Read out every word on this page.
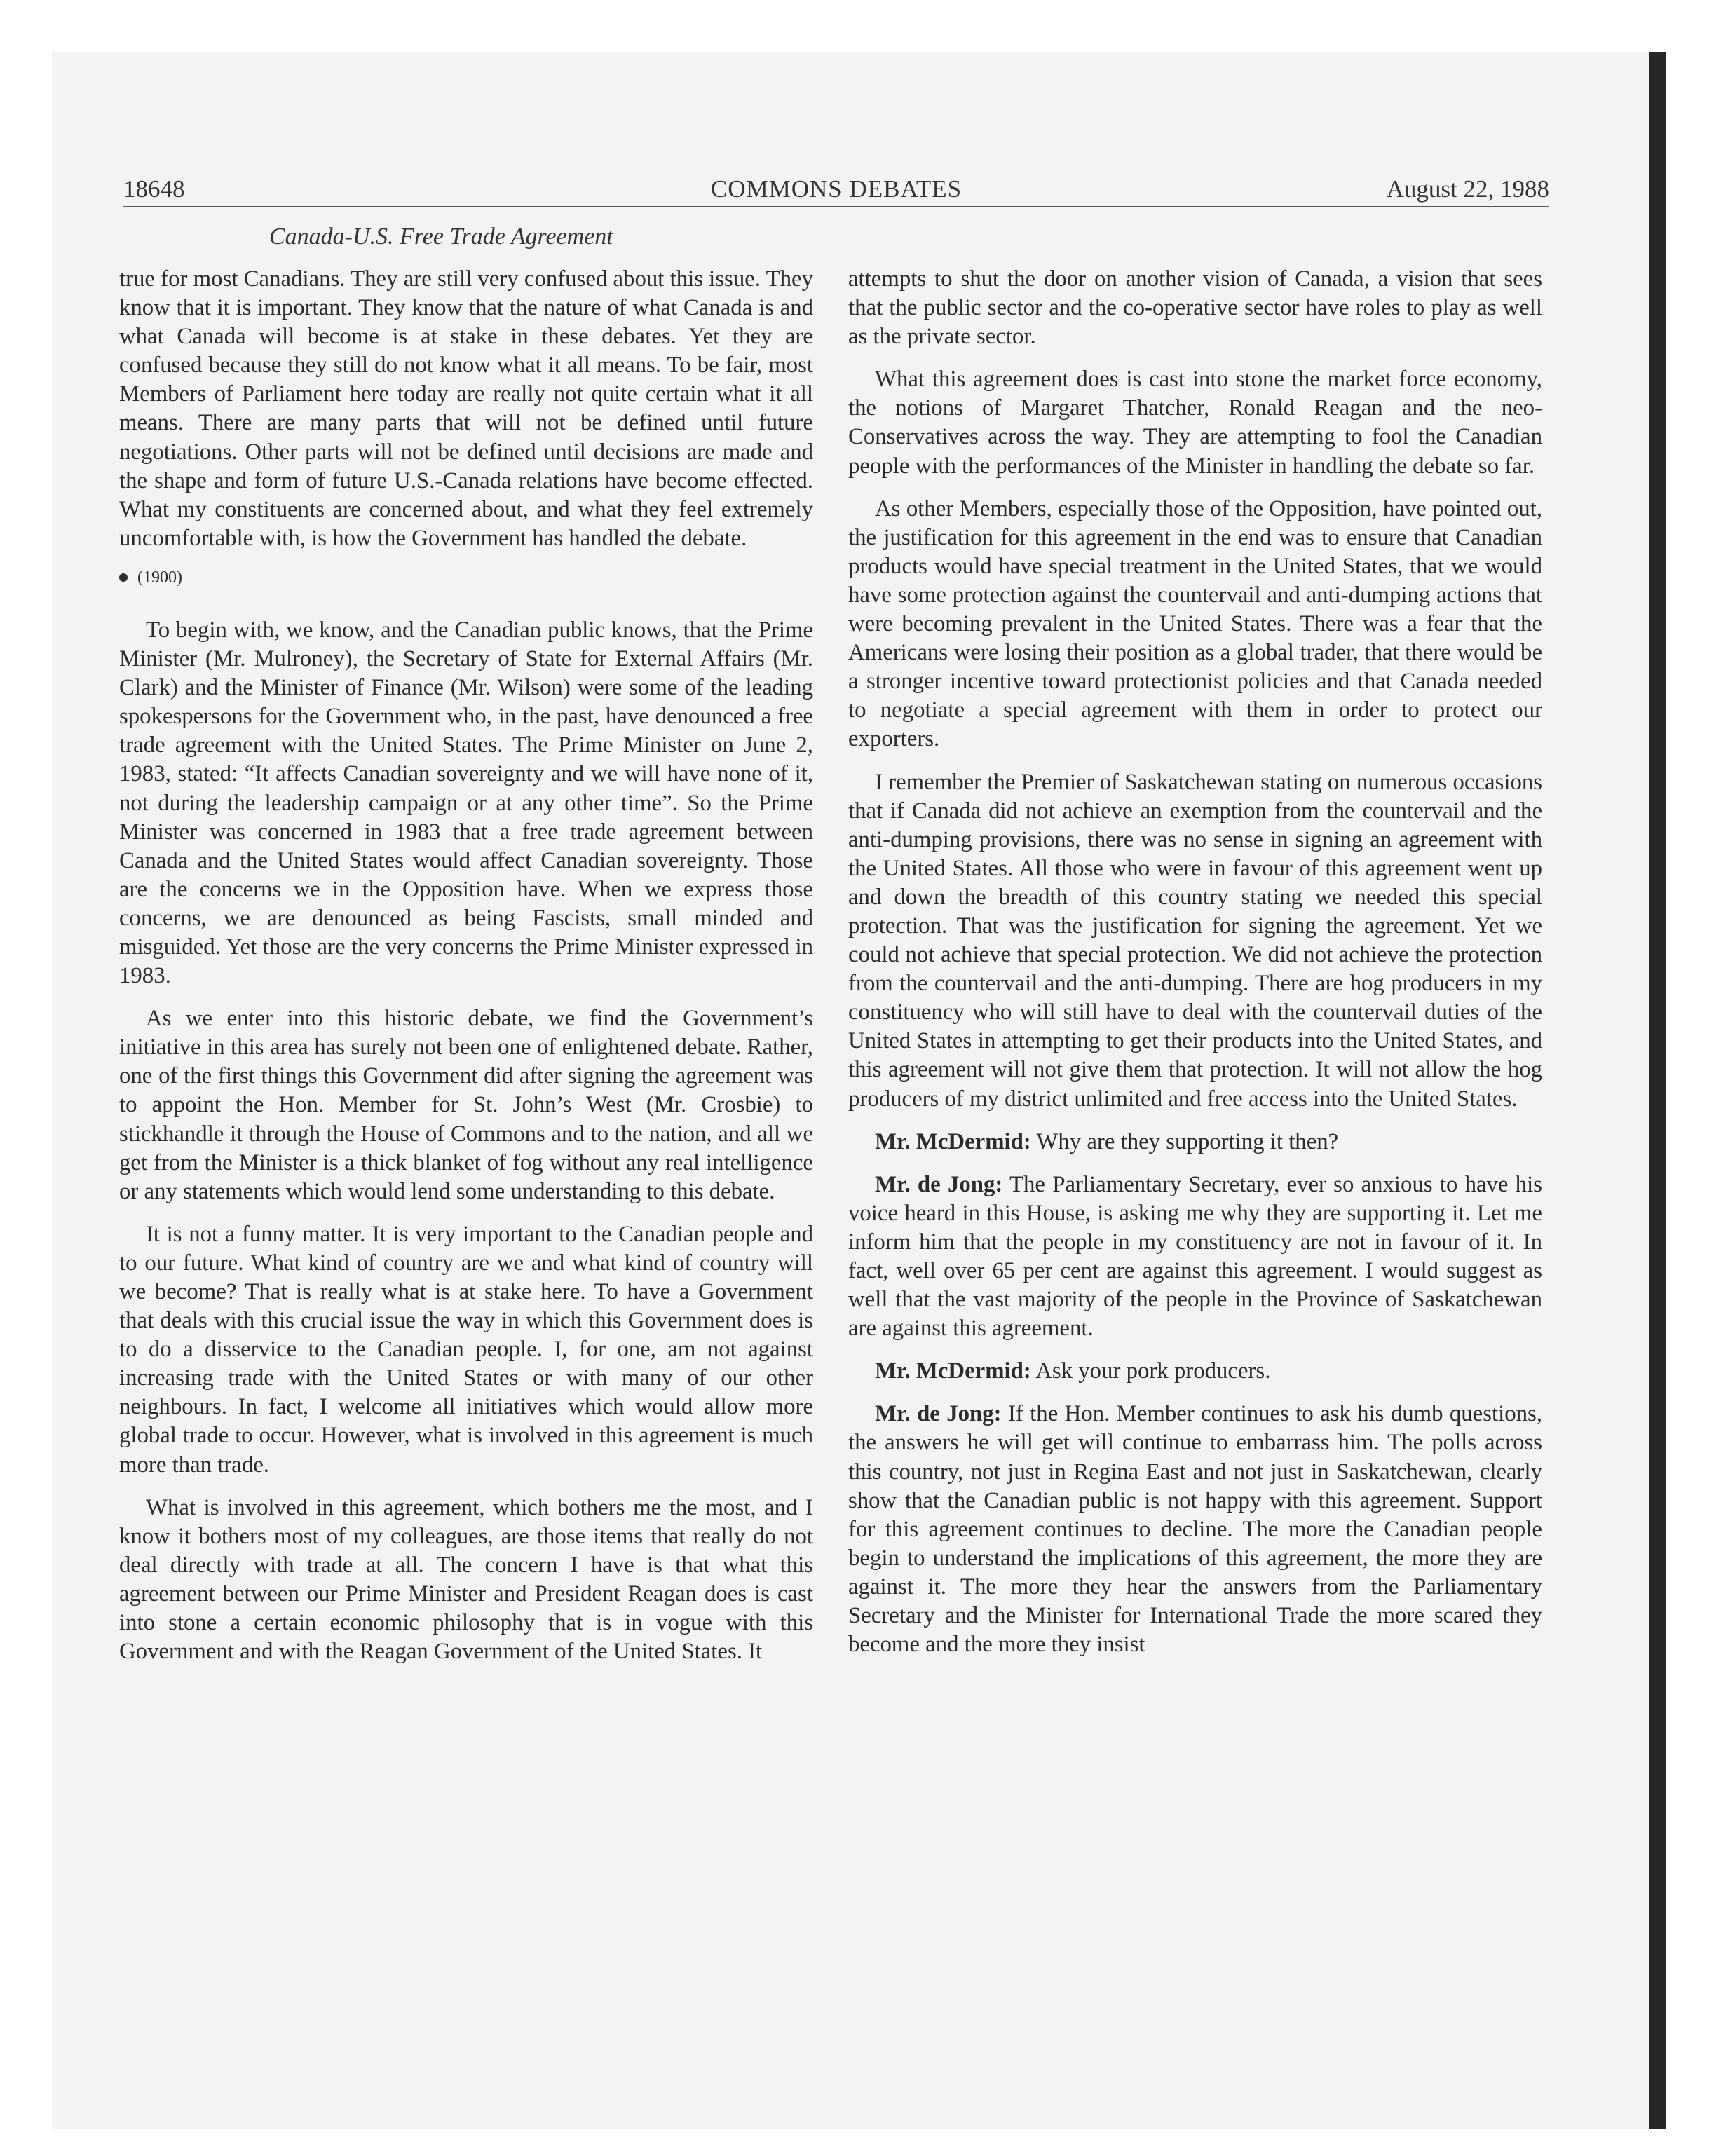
18648	COMMONS DEBATES	August 22, 1988
Canada-U.S. Free Trade Agreement

true for most Canadians. They are still very confused about this issue. They know that it is important. They know that the nature of what Canada is and what Canada will become is at stake in these debates. Yet they are confused because they still do not know what it all means. To be fair, most Members of Parliament here today are really not quite certain what it all means. There are many parts that will not be defined until future negotiations. Other parts will not be defined until decisions are made and the shape and form of future U.S.-Canada relations have become effected. What my constituents are concerned about, and what they feel extremely uncomfortable with, is how the Government has handled the debate.

(1900)

To begin with, we know, and the Canadian public knows, that the Prime Minister (Mr. Mulroney), the Secretary of State for External Affairs (Mr. Clark) and the Minister of Finance (Mr. Wilson) were some of the leading spokespersons for the Government who, in the past, have denounced a free trade agreement with the United States. The Prime Minister on June 2, 1983, stated: “It affects Canadian sovereignty and we will have none of it, not during the leadership campaign or at any other time”. So the Prime Minister was concerned in 1983 that a free trade agreement between Canada and the United States would affect Canadian sovereignty. Those are the concerns we in the Opposition have. When we express those concerns, we are denounced as being Fascists, small minded and misguided. Yet those are the very concerns the Prime Minister expressed in 1983.

As we enter into this historic debate, we find the Government’s initiative in this area has surely not been one of enlightened debate. Rather, one of the first things this Government did after signing the agreement was to appoint the Hon. Member for St. John’s West (Mr. Crosbie) to stickhandle it through the House of Commons and to the nation, and all we get from the Minister is a thick blanket of fog without any real intelligence or any statements which would lend some understanding to this debate.

It is not a funny matter. It is very important to the Canadian people and to our future. What kind of country are we and what kind of country will we become? That is really what is at stake here. To have a Government that deals with this crucial issue the way in which this Government does is to do a disservice to the Canadian people. I, for one, am not against increasing trade with the United States or with many of our other neighbours. In fact, I welcome all initiatives which would allow more global trade to occur. However, what is involved in this agreement is much more than trade.

What is involved in this agreement, which bothers me the most, and I know it bothers most of my colleagues, are those items that really do not deal directly with trade at all. The concern I have is that what this agreement between our Prime Minister and President Reagan does is cast into stone a certain economic philosophy that is in vogue with this Government and with the Reagan Government of the United States. It

attempts to shut the door on another vision of Canada, a vision that sees that the public sector and the co-operative sector have roles to play as well as the private sector.

What this agreement does is cast into stone the market force economy, the notions of Margaret Thatcher, Ronald Reagan and the neo-Conservatives across the way. They are attempting to fool the Canadian people with the performances of the Minister in handling the debate so far.

As other Members, especially those of the Opposition, have pointed out, the justification for this agreement in the end was to ensure that Canadian products would have special treatment in the United States, that we would have some protection against the countervail and anti-dumping actions that were becoming prevalent in the United States. There was a fear that the Americans were losing their position as a global trader, that there would be a stronger incentive toward protectionist policies and that Canada needed to negotiate a special agreement with them in order to protect our exporters.

I remember the Premier of Saskatchewan stating on numerous occasions that if Canada did not achieve an exemption from the countervail and the anti-dumping provisions, there was no sense in signing an agreement with the United States. All those who were in favour of this agreement went up and down the breadth of this country stating we needed this special protection. That was the justification for signing the agreement. Yet we could not achieve that special protection. We did not achieve the protection from the countervail and the anti-dumping. There are hog producers in my constituency who will still have to deal with the countervail duties of the United States in attempting to get their products into the United States, and this agreement will not give them that protection. It will not allow the hog producers of my district unlimited and free access into the United States.

Mr. McDermid: Why are they supporting it then?

Mr. de Jong: The Parliamentary Secretary, ever so anxious to have his voice heard in this House, is asking me why they are supporting it. Let me inform him that the people in my constituency are not in favour of it. In fact, well over 65 per cent are against this agreement. I would suggest as well that the vast majority of the people in the Province of Saskatchewan are against this agreement.

Mr. McDermid: Ask your pork producers.

Mr. de Jong: If the Hon. Member continues to ask his dumb questions, the answers he will get will continue to embarrass him. The polls across this country, not just in Regina East and not just in Saskatchewan, clearly show that the Canadian public is not happy with this agreement. Support for this agreement continues to decline. The more the Canadian people begin to understand the implications of this agreement, the more they are against it. The more they hear the answers from the Parliamentary Secretary and the Minister for International Trade the more scared they become and the more they insist
